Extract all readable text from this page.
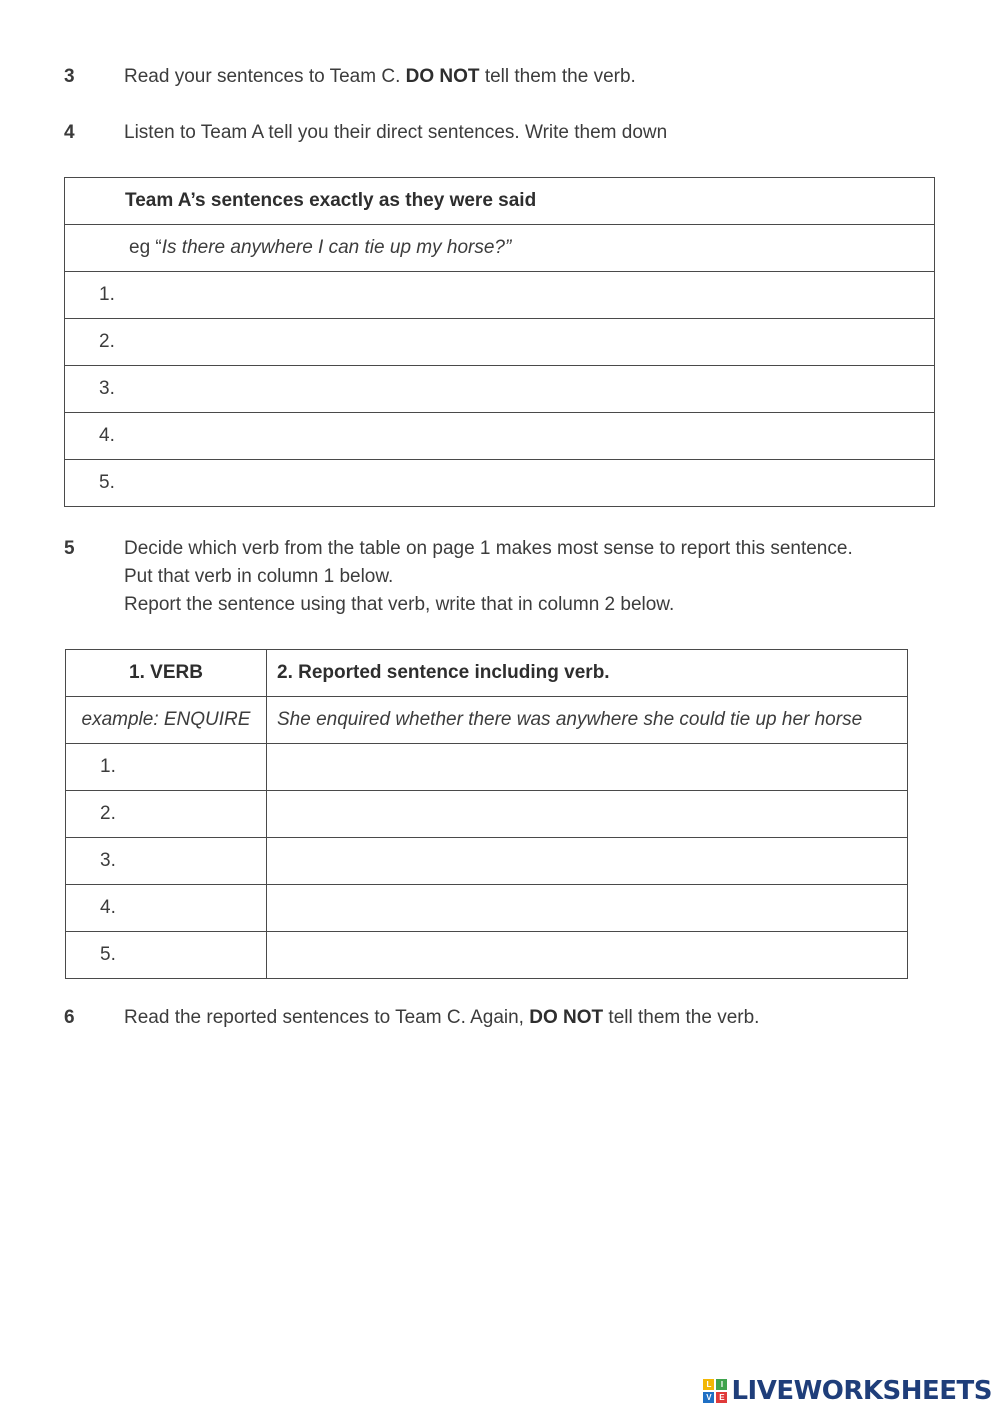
3	Read your sentences to Team C. DO NOT tell them the verb.
4	Listen to Team A tell you their direct sentences. Write them down
Team A’s sentences exactly as they were said
eg “Is there anywhere I can tie up my horse?”
1.
2.
3.
4.
5.
5	Decide which verb from the table on page 1 makes most sense to report this sentence.
Put that verb in column 1 below.
Report the sentence using that verb, write that in column 2 below.
1. VERB	2. Reported sentence including verb.
example: ENQUIRE	She enquired whether there was anywhere she could tie up her horse
1.	
2.	
3.	
4.	
5.	
6	Read the reported sentences to Team C. Again, DO NOT tell them the verb.
L	I
V E LIVEWORKSHEETS
